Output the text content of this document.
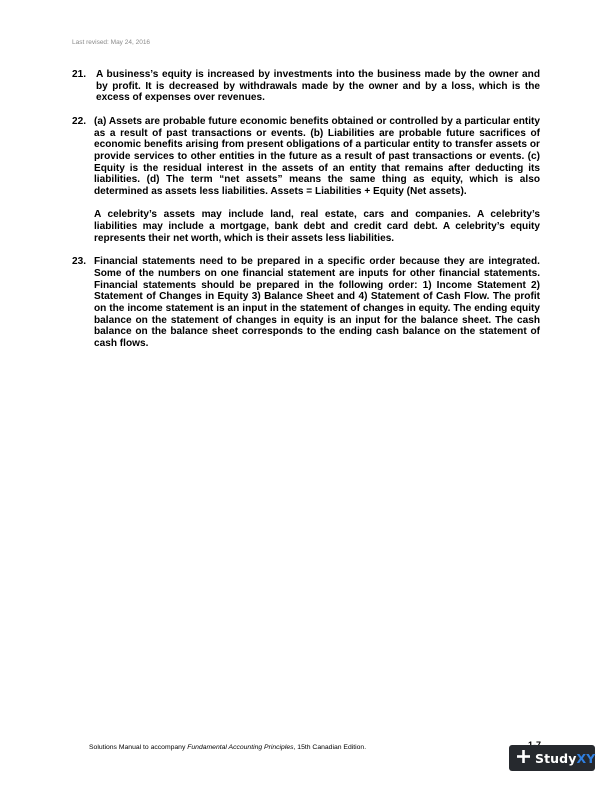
Last revised: May 24, 2016
21. A business’s equity is increased by investments into the business made by the owner and by profit. It is decreased by withdrawals made by the owner and by a loss, which is the excess of expenses over revenues.

22. (a) Assets are probable future economic benefits obtained or controlled by a particular entity as a result of past transactions or events. (b) Liabilities are probable future sacrifices of economic benefits arising from present obligations of a particular entity to transfer assets or provide services to other entities in the future as a result of past transactions or events. (c) Equity is the residual interest in the assets of an entity that remains after deducting its liabilities. (d) The term “net assets” means the same thing as equity, which is also determined as assets less liabilities. Assets = Liabilities + Equity (Net assets).

A celebrity’s assets may include land, real estate, cars and companies. A celebrity’s liabilities may include a mortgage, bank debt and credit card debt. A celebrity’s equity represents their net worth, which is their assets less liabilities.

23. Financial statements need to be prepared in a specific order because they are integrated. Some of the numbers on one financial statement are inputs for other financial statements. Financial statements should be prepared in the following order: 1) Income Statement 2) Statement of Changes in Equity 3) Balance Sheet and 4) Statement of Cash Flow. The profit on the income statement is an input in the statement of changes in equity. The ending equity balance on the statement of changes in equity is an input for the balance sheet. The cash balance on the balance sheet corresponds to the ending cash balance on the statement of cash flows.

Solutions Manual to accompany Fundamental Accounting Principles, 15th Canadian Edition.
StudyXY
